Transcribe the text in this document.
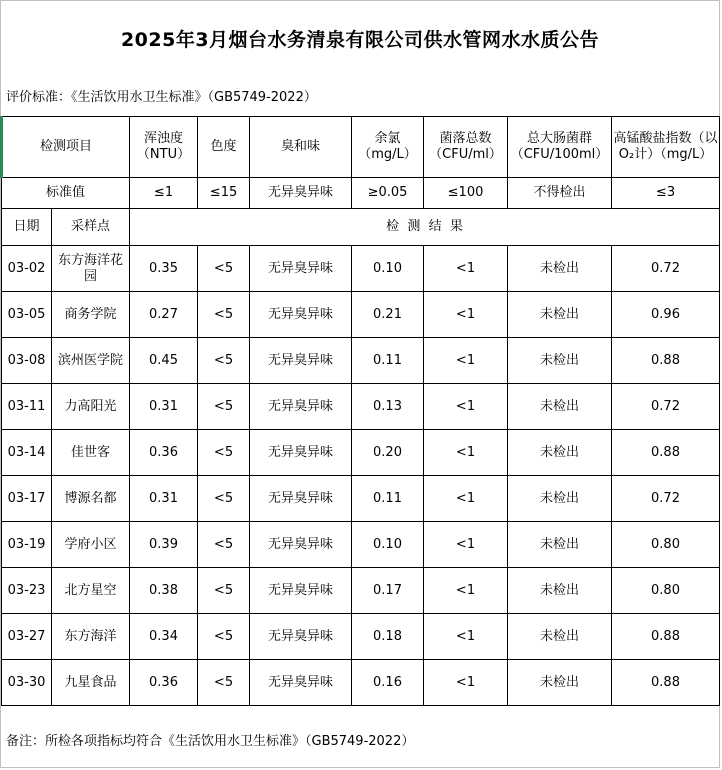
2025年3月烟台水务清泉有限公司供水管网水水质公告
评价标准：《生活饮用水卫生标准》（GB5749-2022）
检测项目		浑浊度（NTU）	色度	臭和味	余氯（mg/L）	菌落总数（CFU/ml）	总大肠菌群（CFU/100ml）	高锰酸盐指数（以O₂计）（mg/L）
标准值		≤1	≤15	无异臭异味	≥0.05	≤100	不得检出	≤3
日期	采样点	检  测  结  果						
03-02	东方海洋花园	0.35	<5	无异臭异味	0.10	<1	未检出	0.72
03-05	商务学院	0.27	<5	无异臭异味	0.21	<1	未检出	0.96
03-08	滨州医学院	0.45	<5	无异臭异味	0.11	<1	未检出	0.88
03-11	力高阳光	0.31	<5	无异臭异味	0.13	<1	未检出	0.72
03-14	佳世客	0.36	<5	无异臭异味	0.20	<1	未检出	0.88
03-17	博源名都	0.31	<5	无异臭异味	0.11	<1	未检出	0.72
03-19	学府小区	0.39	<5	无异臭异味	0.10	<1	未检出	0.80
03-23	北方星空	0.38	<5	无异臭异味	0.17	<1	未检出	0.80
03-27	东方海洋	0.34	<5	无异臭异味	0.18	<1	未检出	0.88
03-30	九星食品	0.36	<5	无异臭异味	0.16	<1	未检出	0.88
备注：所检各项指标均符合《生活饮用水卫生标准》（GB5749-2022）
